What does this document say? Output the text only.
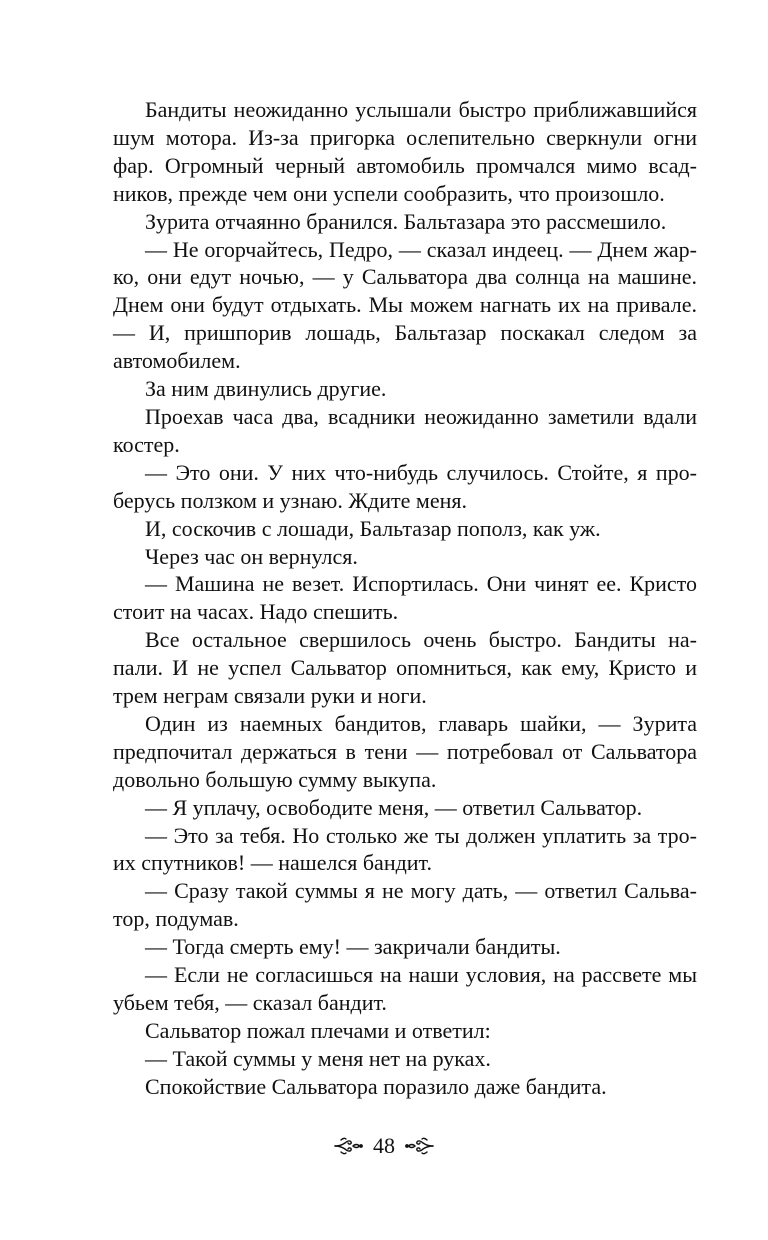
Бандиты неожиданно услышали быстро приближавшийся шум мотора. Из-за пригорка ослепительно сверкнули огни фар. Огромный черный автомобиль промчался мимо всадников, прежде чем они успели сообразить, что произошло.

Зурита отчаянно бранился. Бальтазара это рассмешило.

— Не огорчайтесь, Педро, — сказал индеец. — Днем жарко, они едут ночью, — у Сальватора два солнца на машине. Днем они будут отдыхать. Мы можем нагнать их на привале. — И, пришпорив лошадь, Бальтазар поскакал следом за автомобилем.

За ним двинулись другие.

Проехав часа два, всадники неожиданно заметили вдали костер.

— Это они. У них что-нибудь случилось. Стойте, я проберусь ползком и узнаю. Ждите меня.

И, соскочив с лошади, Бальтазар пополз, как уж.

Через час он вернулся.

— Машина не везет. Испортилась. Они чинят ее. Кристо стоит на часах. Надо спешить.

Все остальное свершилось очень быстро. Бандиты напали. И не успел Сальватор опомниться, как ему, Кристо и трем неграм связали руки и ноги.

Один из наемных бандитов, главарь шайки, — Зурита предпочитал держаться в тени — потребовал от Сальватора довольно большую сумму выкупа.

— Я уплачу, освободите меня, — ответил Сальватор.

— Это за тебя. Но столько же ты должен уплатить за троих спутников! — нашелся бандит.

— Сразу такой суммы я не могу дать, — ответил Сальватор, подумав.

— Тогда смерть ему! — закричали бандиты.

— Если не согласишься на наши условия, на рассвете мы убьем тебя, — сказал бандит.

Сальватор пожал плечами и ответил:

— Такой суммы у меня нет на руках.

Спокойствие Сальватора поразило даже бандита.

48
